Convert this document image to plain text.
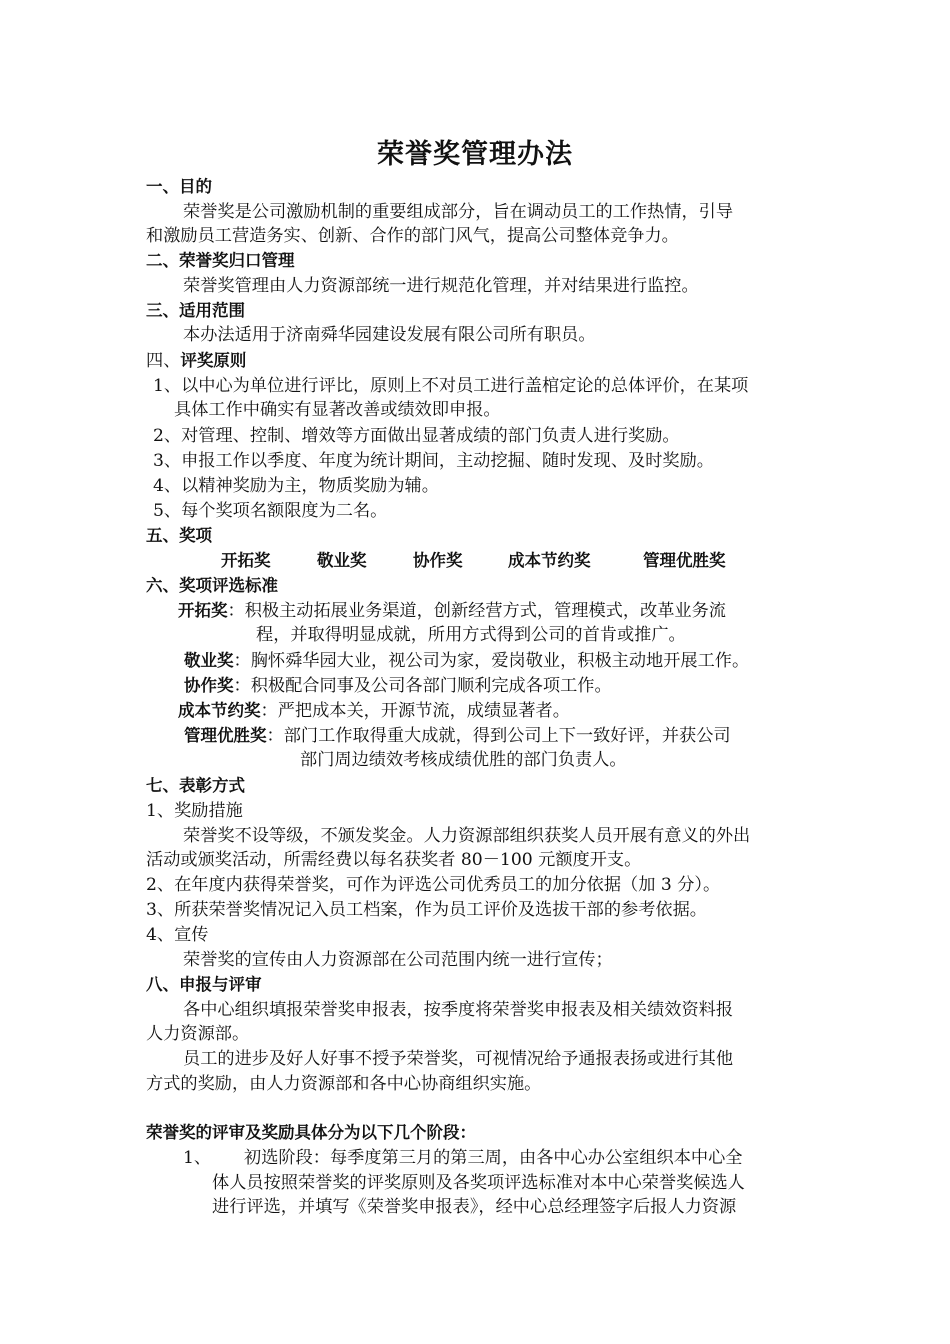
荣誉奖管理办法
一、目的
荣誉奖是公司激励机制的重要组成部分，旨在调动员工的工作热情，引导
和激励员工营造务实、创新、合作的部门风气，提高公司整体竞争力。
二、荣誉奖归口管理
荣誉奖管理由人力资源部统一进行规范化管理，并对结果进行监控。
三、适用范围
本办法适用于济南舜华园建设发展有限公司所有职员。
四、评奖原则
1、以中心为单位进行评比，原则上不对员工进行盖棺定论的总体评价，在某项
具体工作中确实有显著改善或绩效即申报。
2、对管理、控制、增效等方面做出显著成绩的部门负责人进行奖励。
3、申报工作以季度、年度为统计期间，主动挖掘、随时发现、及时奖励。
4、以精神奖励为主，物质奖励为辅。
5、每个奖项名额限度为二名。
五、奖项
开拓奖	敬业奖	协作奖	成本节约奖	管理优胜奖
六、奖项评选标准
开拓奖：积极主动拓展业务渠道，创新经营方式，管理模式，改革业务流
程，并取得明显成就，所用方式得到公司的首肯或推广。
敬业奖：胸怀舜华园大业，视公司为家，爱岗敬业，积极主动地开展工作。
协作奖：积极配合同事及公司各部门顺利完成各项工作。
成本节约奖：严把成本关，开源节流，成绩显著者。
管理优胜奖：部门工作取得重大成就，得到公司上下一致好评，并获公司
部门周边绩效考核成绩优胜的部门负责人。
七、表彰方式
1、奖励措施
荣誉奖不设等级，不颁发奖金。人力资源部组织获奖人员开展有意义的外出
活动或颁奖活动，所需经费以每名获奖者 80－100 元额度开支。
2、在年度内获得荣誉奖，可作为评选公司优秀员工的加分依据（加 3 分）。
3、所获荣誉奖情况记入员工档案，作为员工评价及选拔干部的参考依据。
4、宣传
荣誉奖的宣传由人力资源部在公司范围内统一进行宣传；
八、申报与评审
各中心组织填报荣誉奖申报表，按季度将荣誉奖申报表及相关绩效资料报
人力资源部。
员工的进步及好人好事不授予荣誉奖，可视情况给予通报表扬或进行其他
方式的奖励，由人力资源部和各中心协商组织实施。
荣誉奖的评审及奖励具体分为以下几个阶段：
1、 初选阶段：每季度第三月的第三周，由各中心办公室组织本中心全
体人员按照荣誉奖的评奖原则及各奖项评选标准对本中心荣誉奖候选人
进行评选，并填写《荣誉奖申报表》，经中心总经理签字后报人力资源
